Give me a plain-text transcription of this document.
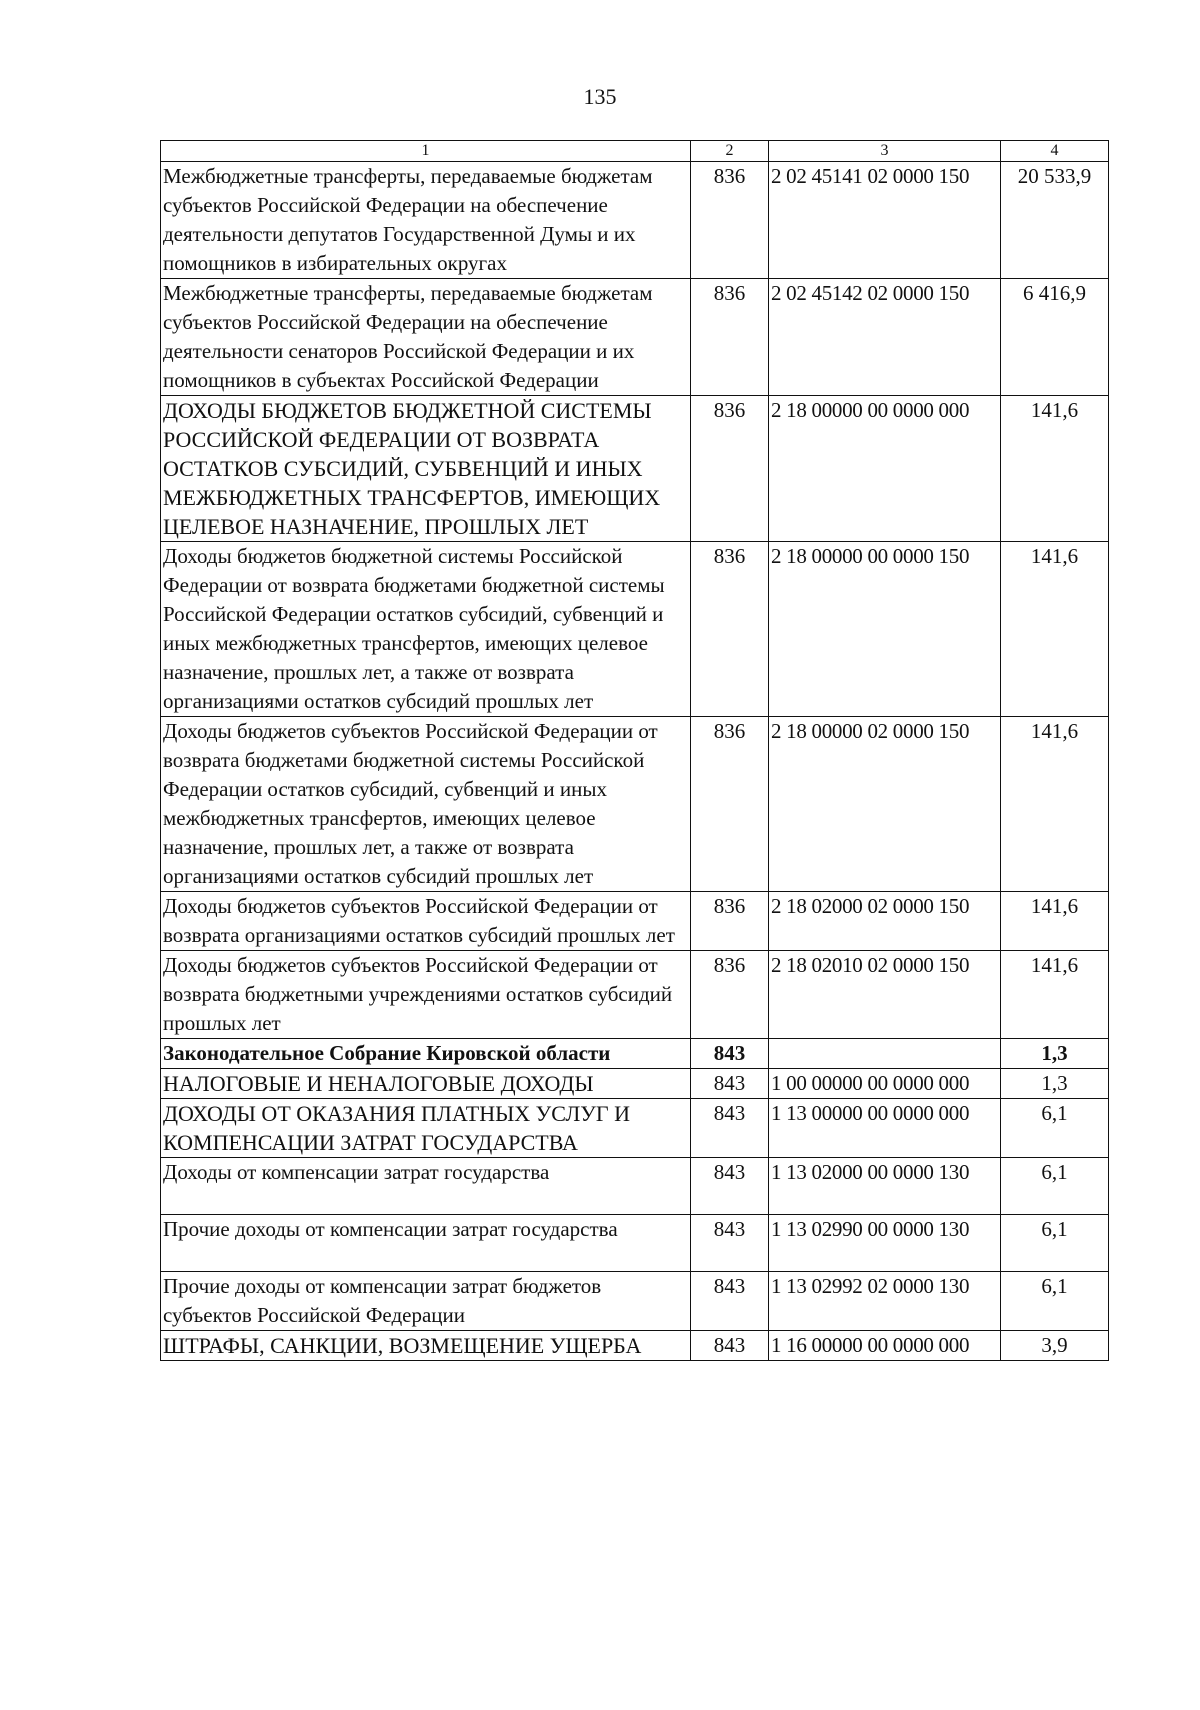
135
1	2	3	4
Межбюджетные трансферты, передаваемые бюджетам субъектов Российской Федерации на обеспечение деятельности депутатов Государственной Думы и их помощников в избирательных округах	836	2 02 45141 02 0000 150	20 533,9
Межбюджетные трансферты, передаваемые бюджетам субъектов Российской Федерации на обеспечение деятельности сенаторов Российской Федерации и их помощников в субъектах Российской Федерации	836	2 02 45142 02 0000 150	6 416,9
ДОХОДЫ БЮДЖЕТОВ БЮДЖЕТНОЙ СИСТЕМЫ РОССИЙСКОЙ ФЕДЕРАЦИИ ОТ ВОЗВРАТА ОСТАТКОВ СУБСИДИЙ, СУБВЕНЦИЙ И ИНЫХ МЕЖБЮДЖЕТНЫХ ТРАНСФЕРТОВ, ИМЕЮЩИХ ЦЕЛЕВОЕ НАЗНАЧЕНИЕ, ПРОШЛЫХ ЛЕТ	836	2 18 00000 00 0000 000	141,6
Доходы бюджетов бюджетной системы Российской Федерации от возврата бюджетами бюджетной системы Российской Федерации остатков субсидий, субвенций и иных межбюджетных трансфертов, имеющих целевое назначение, прошлых лет, а также от возврата организациями остатков субсидий прошлых лет	836	2 18 00000 00 0000 150	141,6
Доходы бюджетов субъектов Российской Федерации от возврата бюджетами бюджетной системы Российской Федерации остатков субсидий, субвенций и иных межбюджетных трансфертов, имеющих целевое назначение, прошлых лет, а также от возврата организациями остатков субсидий прошлых лет	836	2 18 00000 02 0000 150	141,6
Доходы бюджетов субъектов Российской Федерации от возврата организациями остатков субсидий прошлых лет	836	2 18 02000 02 0000 150	141,6
Доходы бюджетов субъектов Российской Федерации от возврата бюджетными учреждениями остатков субсидий прошлых лет	836	2 18 02010 02 0000 150	141,6
Законодательное Собрание Кировской области	843		1,3
НАЛОГОВЫЕ И НЕНАЛОГОВЫЕ ДОХОДЫ	843	1 00 00000 00 0000 000	1,3
ДОХОДЫ ОТ ОКАЗАНИЯ ПЛАТНЫХ УСЛУГ И КОМПЕНСАЦИИ ЗАТРАТ ГОСУДАРСТВА	843	1 13 00000 00 0000 000	6,1
Доходы от компенсации затрат государства	843	1 13 02000 00 0000 130	6,1
Прочие доходы от компенсации затрат государства	843	1 13 02990 00 0000 130	6,1
Прочие доходы от компенсации затрат бюджетов субъектов Российской Федерации	843	1 13 02992 02 0000 130	6,1
ШТРАФЫ, САНКЦИИ, ВОЗМЕЩЕНИЕ УЩЕРБА	843	1 16 00000 00 0000 000	3,9
